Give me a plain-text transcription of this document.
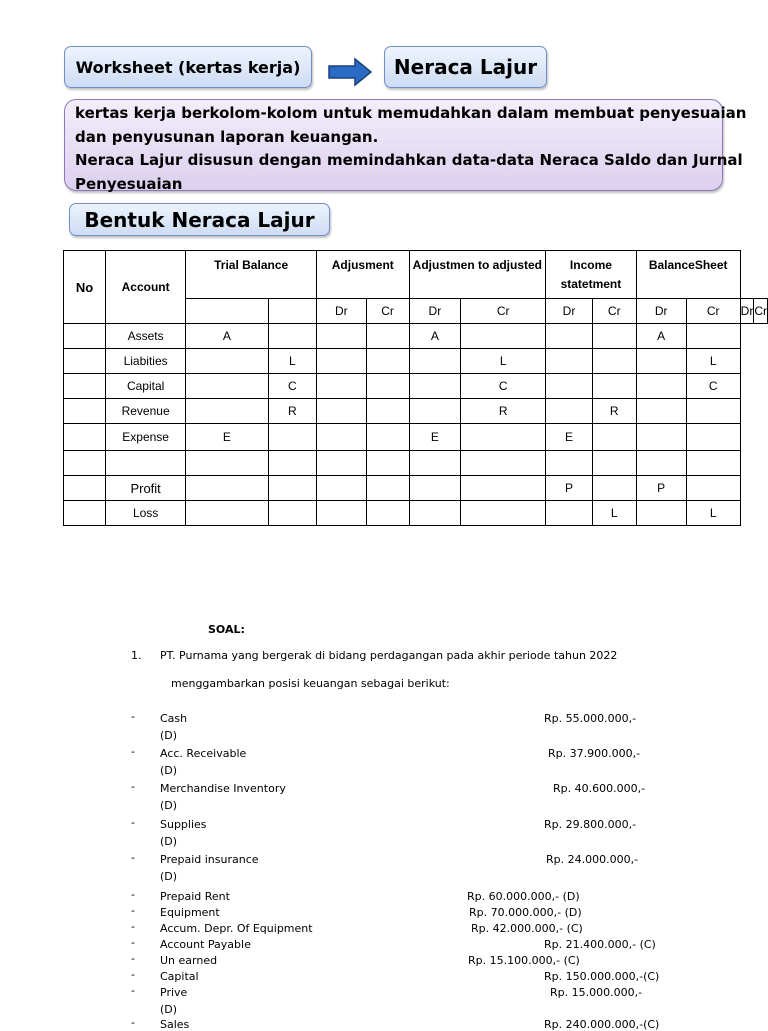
Worksheet (kertas kerja)	Neraca Lajur
kertas kerja berkolom-kolom untuk memudahkan dalam membuat penyesuaian
dan penyusunan laporan keuangan.
Neraca Lajur disusun dengan memindahkan data-data Neraca Saldo dan Jurnal
Penyesuaian
Bentuk Neraca Lajur
No	Account	Trial Balance		Adjusment		Adjustmen to adjusted		Income
statetment		BalanceSheet			
				Dr	Cr	Dr	Cr	Dr	Cr	Dr	Cr	Dr	Cr
	Assets	A				A				A			
	Liabities		L				L				L		
	Capital		C				C				C		
	Revenue		R				R		R				
	Expense	E				E		E					

	Profit							P		P			
	Loss								L		L		
SOAL:
1. PT. Purnama yang bergerak di bidang perdagangan pada akhir periode tahun 2022
menggambarkan posisi keuangan sebagai berikut:
- Cash	Rp. 55.000.000,-
(D)
- Acc. Receivable	Rp. 37.900.000,-
(D)
- Merchandise Inventory	Rp. 40.600.000,-
(D)
- Supplies	Rp. 29.800.000,-
(D)
- Prepaid insurance	Rp. 24.000.000,-
(D)
- Prepaid Rent	Rp. 60.000.000,- (D)
- Equipment	Rp. 70.000.000,- (D)
- Accum. Depr. Of Equipment	Rp. 42.000.000,- (C)
- Account Payable	Rp. 21.400.000,- (C)
- Un earned	Rp. 15.100.000,- (C)
- Capital	Rp. 150.000.000,-(C)
- Prive	Rp. 15.000.000,-
(D)
- Sales	Rp. 240.000.000,-(C)
